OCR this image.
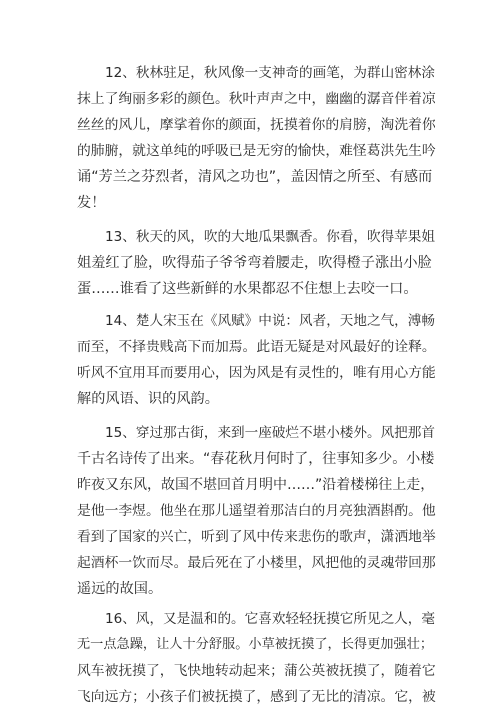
12、秋林驻足，秋风像一支神奇的画笔，为群山密林涂
抹上了绚丽多彩的颜色。秋叶声声之中，幽幽的潺音伴着凉
丝丝的风儿，摩挲着你的颜面，抚摸着你的肩膀，淘洗着你
的肺腑，就这单纯的呼吸已是无穷的愉快，难怪葛洪先生吟
诵“芳兰之芬烈者，清风之功也”，盖因情之所至、有感而
发！
13、秋天的风，吹的大地瓜果飘香。你看，吹得苹果姐
姐羞红了脸，吹得茄子爷爷弯着腰走，吹得橙子涨出小脸
蛋……谁看了这些新鲜的水果都忍不住想上去咬一口。
14、楚人宋玉在《风赋》中说：风者，天地之气，溥畅
而至，不择贵贱高下而加焉。此语无疑是对风最好的诠释。
听风不宜用耳而要用心，因为风是有灵性的，唯有用心方能
解的风语、识的风韵。
15、穿过那古街，来到一座破烂不堪小楼外。风把那首
千古名诗传了出来。“春花秋月何时了，往事知多少。小楼
昨夜又东风，故国不堪回首月明中……”沿着楼梯往上走，
是他一李煜。他坐在那儿遥望着那洁白的月亮独酒斟酌。他
看到了国家的兴亡，听到了风中传来悲伤的歌声，潇洒地举
起酒杯一饮而尽。最后死在了小楼里，风把他的灵魂带回那
遥远的故国。
16、风，又是温和的。它喜欢轻轻抚摸它所见之人，毫
无一点急躁，让人十分舒服。小草被抚摸了，长得更加强壮；
风车被抚摸了，飞快地转动起来；蒲公英被抚摸了，随着它
飞向远方；小孩子们被抚摸了，感到了无比的清凉。它，被
